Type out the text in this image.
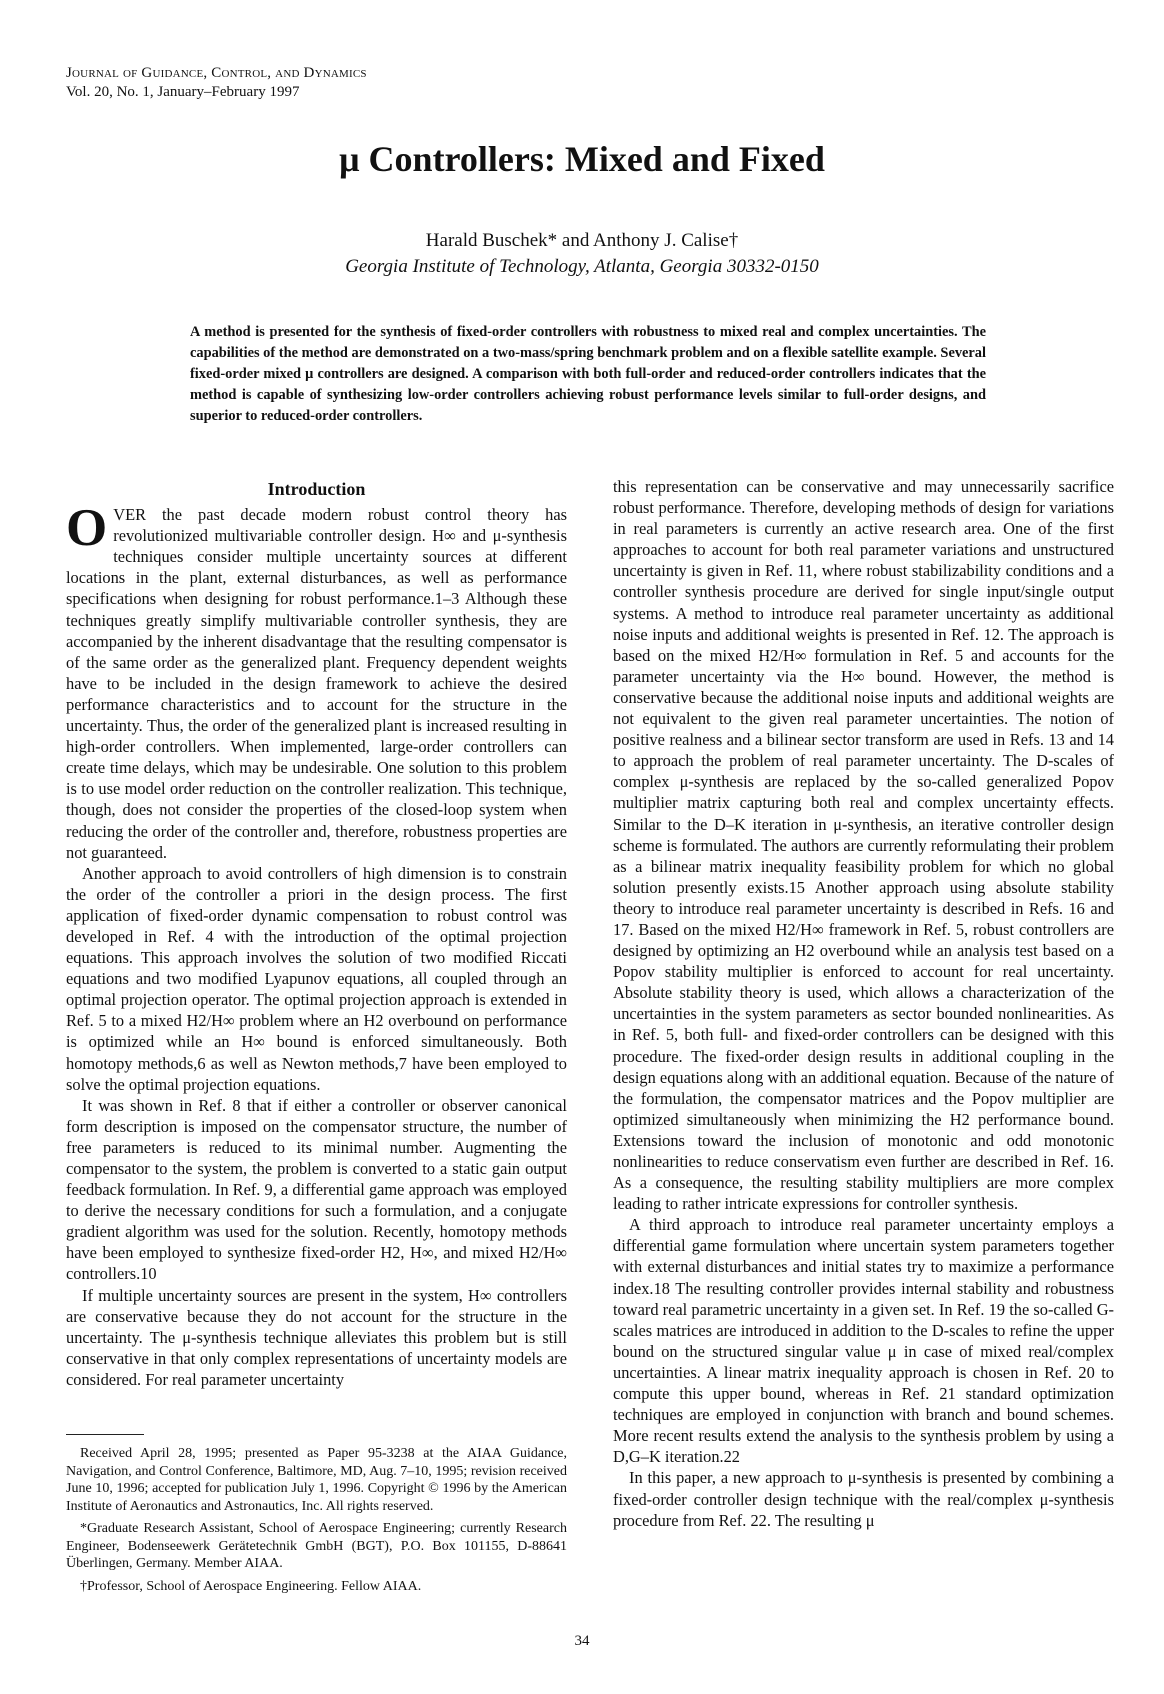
Journal of Guidance, Control, and Dynamics
Vol. 20, No. 1, January–February 1997
μ Controllers: Mixed and Fixed
Harald Buschek* and Anthony J. Calise†
Georgia Institute of Technology, Atlanta, Georgia 30332-0150
A method is presented for the synthesis of fixed-order controllers with robustness to mixed real and complex uncertainties. The capabilities of the method are demonstrated on a two-mass/spring benchmark problem and on a flexible satellite example. Several fixed-order mixed μ controllers are designed. A comparison with both full-order and reduced-order controllers indicates that the method is capable of synthesizing low-order controllers achieving robust performance levels similar to full-order designs, and superior to reduced-order controllers.
Introduction

OVER the past decade modern robust control theory has revolutionized multivariable controller design. H∞ and μ-synthesis techniques consider multiple uncertainty sources at different locations in the plant, external disturbances, as well as performance specifications when designing for robust performance.1–3 Although these techniques greatly simplify multivariable controller synthesis, they are accompanied by the inherent disadvantage that the resulting compensator is of the same order as the generalized plant. Frequency dependent weights have to be included in the design framework to achieve the desired performance characteristics and to account for the structure in the uncertainty. Thus, the order of the generalized plant is increased resulting in high-order controllers. When implemented, large-order controllers can create time delays, which may be undesirable. One solution to this problem is to use model order reduction on the controller realization. This technique, though, does not consider the properties of the closed-loop system when reducing the order of the controller and, therefore, robustness properties are not guaranteed.

Another approach to avoid controllers of high dimension is to constrain the order of the controller a priori in the design process. The first application of fixed-order dynamic compensation to robust control was developed in Ref. 4 with the introduction of the optimal projection equations. This approach involves the solution of two modified Riccati equations and two modified Lyapunov equations, all coupled through an optimal projection operator. The optimal projection approach is extended in Ref. 5 to a mixed H2/H∞ problem where an H2 overbound on performance is optimized while an H∞ bound is enforced simultaneously. Both homotopy methods,6 as well as Newton methods,7 have been employed to solve the optimal projection equations.

It was shown in Ref. 8 that if either a controller or observer canonical form description is imposed on the compensator structure, the number of free parameters is reduced to its minimal number. Augmenting the compensator to the system, the problem is converted to a static gain output feedback formulation. In Ref. 9, a differential game approach was employed to derive the necessary conditions for such a formulation, and a conjugate gradient algorithm was used for the solution. Recently, homotopy methods have been employed to synthesize fixed-order H2, H∞, and mixed H2/H∞ controllers.10

If multiple uncertainty sources are present in the system, H∞ controllers are conservative because they do not account for the structure in the uncertainty. The μ-synthesis technique alleviates this problem but is still conservative in that only complex representations of uncertainty models are considered. For real parameter uncertainty

this representation can be conservative and may unnecessarily sacrifice robust performance. Therefore, developing methods of design for variations in real parameters is currently an active research area. One of the first approaches to account for both real parameter variations and unstructured uncertainty is given in Ref. 11, where robust stabilizability conditions and a controller synthesis procedure are derived for single input/single output systems. A method to introduce real parameter uncertainty as additional noise inputs and additional weights is presented in Ref. 12. The approach is based on the mixed H2/H∞ formulation in Ref. 5 and accounts for the parameter uncertainty via the H∞ bound. However, the method is conservative because the additional noise inputs and additional weights are not equivalent to the given real parameter uncertainties. The notion of positive realness and a bilinear sector transform are used in Refs. 13 and 14 to approach the problem of real parameter uncertainty. The D-scales of complex μ-synthesis are replaced by the so-called generalized Popov multiplier matrix capturing both real and complex uncertainty effects. Similar to the D–K iteration in μ-synthesis, an iterative controller design scheme is formulated. The authors are currently reformulating their problem as a bilinear matrix inequality feasibility problem for which no global solution presently exists.15 Another approach using absolute stability theory to introduce real parameter uncertainty is described in Refs. 16 and 17. Based on the mixed H2/H∞ framework in Ref. 5, robust controllers are designed by optimizing an H2 overbound while an analysis test based on a Popov stability multiplier is enforced to account for real uncertainty. Absolute stability theory is used, which allows a characterization of the uncertainties in the system parameters as sector bounded nonlinearities. As in Ref. 5, both full- and fixed-order controllers can be designed with this procedure. The fixed-order design results in additional coupling in the design equations along with an additional equation. Because of the nature of the formulation, the compensator matrices and the Popov multiplier are optimized simultaneously when minimizing the H2 performance bound. Extensions toward the inclusion of monotonic and odd monotonic nonlinearities to reduce conservatism even further are described in Ref. 16. As a consequence, the resulting stability multipliers are more complex leading to rather intricate expressions for controller synthesis.

A third approach to introduce real parameter uncertainty employs a differential game formulation where uncertain system parameters together with external disturbances and initial states try to maximize a performance index.18 The resulting controller provides internal stability and robustness toward real parametric uncertainty in a given set. In Ref. 19 the so-called G-scales matrices are introduced in addition to the D-scales to refine the upper bound on the structured singular value μ in case of mixed real/complex uncertainties. A linear matrix inequality approach is chosen in Ref. 20 to compute this upper bound, whereas in Ref. 21 standard optimization techniques are employed in conjunction with branch and bound schemes. More recent results extend the analysis to the synthesis problem by using a D,G–K iteration.22

In this paper, a new approach to μ-synthesis is presented by combining a fixed-order controller design technique with the real/complex μ-synthesis procedure from Ref. 22. The resulting μ

Received April 28, 1995; presented as Paper 95-3238 at the AIAA Guidance, Navigation, and Control Conference, Baltimore, MD, Aug. 7–10, 1995; revision received June 10, 1996; accepted for publication July 1, 1996. Copyright © 1996 by the American Institute of Aeronautics and Astronautics, Inc. All rights reserved.

*Graduate Research Assistant, School of Aerospace Engineering; currently Research Engineer, Bodenseewerk Gerätetechnik GmbH (BGT), P.O. Box 101155, D-88641 Überlingen, Germany. Member AIAA.

†Professor, School of Aerospace Engineering. Fellow AIAA.

34
